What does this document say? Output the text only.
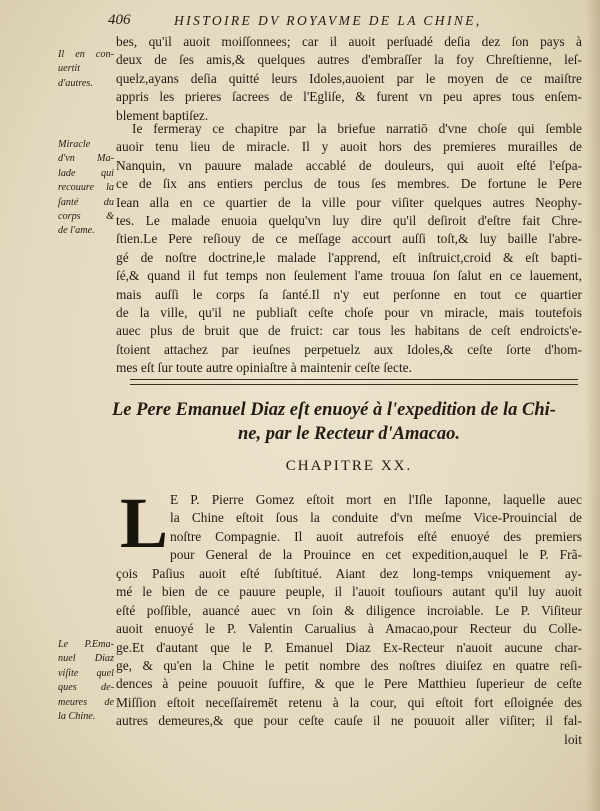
406	HISTOIRE DV ROYAVME DE LA CHINE,
bes, qu'il auoit moiſſonnees; car il auoit perſuadé deſia dez ſon pays à
deux de ſes amis,& quelques autres d'embraſſer la foy Chreſtienne, leſ-
quelz,ayans deſia quitté leurs Idoles,auoient par le moyen de ce maiſtre
appris les prieres ſacrees de l'Egliſe, & furent vn peu apres tous enſem-
blement baptiſez.
Il en con-
uertit
d'autres.
Ie fermeray ce chapitre par la briefue narratiō d'vne choſe qui ſemble
auoir tenu lieu de miracle. Il y auoit hors des premieres murailles de
Nanquin, vn pauure malade accablé de douleurs, qui auoit eſté l'eſpa-
ce de ſix ans entiers perclus de tous ſes membres. De fortune le Pere
Iean alla en ce quartier de la ville pour viſiter quelques autres Neophy-
tes. Le malade enuoia quelqu'vn luy dire qu'il deſiroit d'eſtre fait Chre-
ſtien.Le Pere reſiouy de ce meſſage accourt auſſi toſt,& luy baille l'abre-
gé de noſtre doctrine,le malade l'apprend, eſt inſtruict,croid & eſt bapti-
ſé,& quand il fut temps non ſeulement l'ame trouua ſon ſalut en ce lauement,
mais auſſi le corps ſa ſanté.Il n'y eut perſonne en tout ce quartier
de la ville, qu'il ne publiaſt ceſte choſe pour vn miracle, mais toutefois
auec plus de bruit que de fruict: car tous les habitans de ceſt endroicts'e-
ſtoient attachez par ieuſnes perpetuelz aux Idoles,& ceſte ſorte d'hom-
mes eſt ſur toute autre opiniaſtre à maintenir ceſte ſecte.
Miracle
d'vn Ma-
lade qui
recouure la
ſanté du
corps &
de l'ame.
Le Pere Emanuel Diaz eſt enuoyé à l'expedition de la Chi-
ne, par le Recteur d'Amacao.
CHAPITRE XX.
L E P. Pierre Gomez eſtoit mort en l'Iſle Iaponne, laquelle auec
la Chine eſtoit ſous la conduite d'vn meſme Vice-Prouincial de
noſtre Compagnie. Il auoit autrefois eſté enuoyé des premiers
pour General de la Prouince en cet expedition,auquel le P. Frã-
çois Paſius auoit eſté ſubſtitué. Aiant dez long-temps vniquement ay-
mé le bien de ce pauure peuple, il l'auoit touſiours autant qu'il luy auoit
eſté poſſible, auancé auec vn ſoin & diligence incroiable. Le P. Viſiteur
auoit enuoyé le P. Valentin Carualius à Amacao,pour Recteur du Colle-
ge.Et d'autant que le P. Emanuel Diaz Ex-Recteur n'auoit aucune char-
ge, & qu'en la Chine le petit nombre des noſtres diuiſez en quatre reſi-
dences à peine pouuoit ſuffire, & que le Pere Matthieu ſuperieur de ceſte
Miſſion eſtoit neceſſairemēt retenu à la cour, qui eſtoit fort eſloignée des
autres demeures,& que pour ceſte cauſe il ne pouuoit aller viſiter; il fal-
loit
Le P.Ema-
nuel Diaz
viſite quel
ques de-
meures de
la Chine.
